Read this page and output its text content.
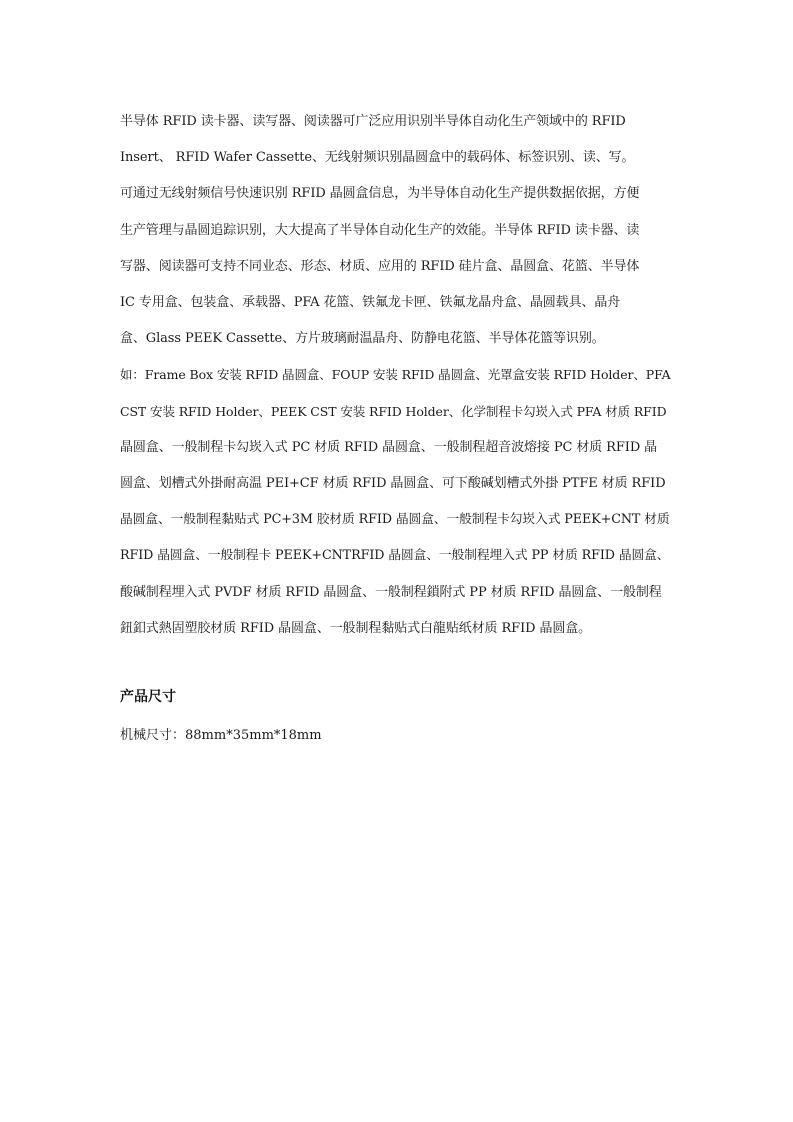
半导体 RFID 读卡器、读写器、阅读器可广泛应用识别半导体自动化生产领域中的 RFID
Insert、 RFID Wafer Cassette、无线射频识别晶圆盒中的载码体、标签识别、读、写。
可通过无线射频信号快速识别 RFID 晶圆盒信息，为半导体自动化生产提供数据依据，方便
生产管理与晶圆追踪识别，大大提高了半导体自动化生产的效能。半导体 RFID 读卡器、读
写器、阅读器可支持不同业态、形态、材质、应用的 RFID 硅片盒、晶圆盒、花篮、半导体
IC 专用盒、包装盒、承载器、PFA 花篮、铁氟龙卡匣、铁氟龙晶舟盒、晶圆载具、晶舟
盒、Glass PEEK Cassette、方片玻璃耐温晶舟、防静电花篮、半导体花篮等识别。
如：Frame Box 安装 RFID 晶圆盒、FOUP 安装 RFID 晶圆盒、光罩盒安装 RFID Holder、PFA
CST 安装 RFID Holder、PEEK CST 安装 RFID Holder、化学制程卡勾崁入式 PFA 材质 RFID
晶圆盒、一般制程卡勾崁入式 PC 材质 RFID 晶圆盒、一般制程超音波熔接 PC 材质 RFID 晶
圆盒、划槽式外掛耐高温 PEI+CF 材质 RFID 晶圆盒、可下酸碱划槽式外掛 PTFE 材质 RFID
晶圆盒、一般制程黏贴式 PC+3M 胶材质 RFID 晶圆盒、一般制程卡勾崁入式 PEEK+CNT 材质
RFID 晶圆盒、一般制程卡 PEEK+CNTRFID 晶圆盒、一般制程埋入式 PP 材质 RFID 晶圆盒、
酸碱制程埋入式 PVDF 材质 RFID 晶圆盒、一般制程鎖附式 PP 材质 RFID 晶圆盒、一般制程
鈕釦式熱固塑胶材质 RFID 晶圆盒、一般制程黏贴式白龍贴纸材质 RFID 晶圆盒。
产品尺寸
机械尺寸：88mm*35mm*18mm
